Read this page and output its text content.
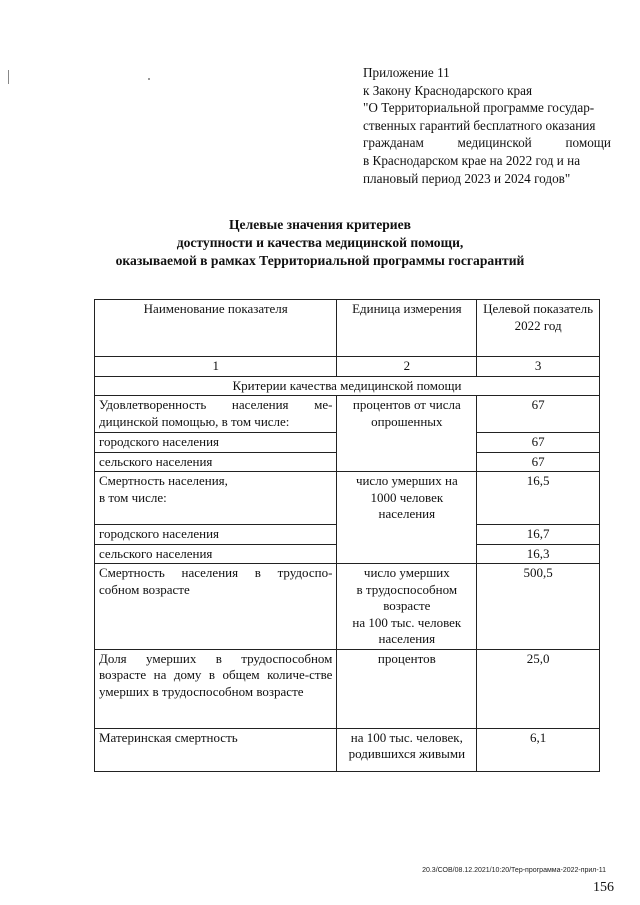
Приложение 11
к Закону Краснодарского края
"О Территориальной программе государ-
ственных гарантий бесплатного оказания
гражданам медицинской помощи
в Краснодарском крае на 2022 год и на
плановый период 2023 и 2024 годов"
Целевые значения критериев
доступности и качества медицинской помощи,
оказываемой в рамках Территориальной программы госгарантий
Наименование показателя	Единица измерения	Целевой показатель 2022 год
1	2	3
Критерии качества медицинской помощи		
Удовлетворенность населения ме-дицинской помощью, в том числе:	процентов от числа опрошенных	67
городского населения		67
сельского населения		67

Смертность населения,
в том числе:	число умерших на 1000 человек населения	16,5
городского населения		16,7
сельского населения		16,3
Смертность населения в трудоспо-собном возрасте	число умерших
в трудоспособном
возрасте
на 100 тыс. человек
населения	500,5
Доля умерших в трудоспособном возрасте на дому в общем количе-стве умерших в трудоспособном возрасте	процентов	25,0
Материнская смертность	на 100 тыс. человек, родившихся живыми	6,1
20.3/СОВ/08.12.2021/10:20/Тер-программа-2022-прил-11
156
